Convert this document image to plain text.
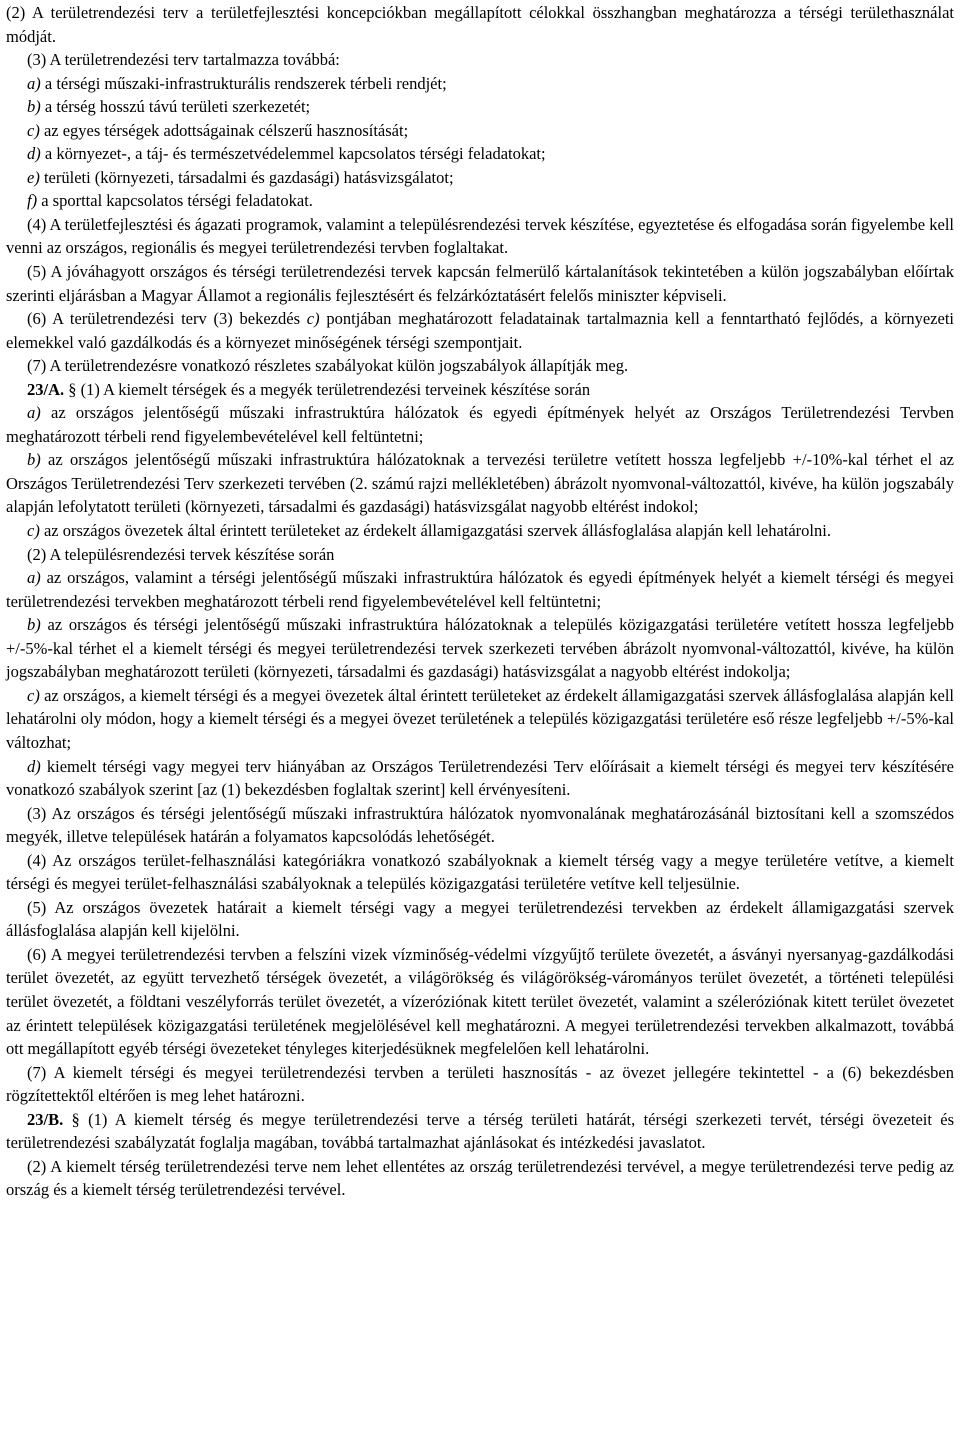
(2) A területrendezési terv a területfejlesztési koncepciókban megállapított célokkal összhangban meghatározza a térségi területhasználat módját.

(3) A területrendezési terv tartalmazza továbbá:

a) a térségi műszaki-infrastrukturális rendszerek térbeli rendjét;

b) a térség hosszú távú területi szerkezetét;

c) az egyes térségek adottságainak célszerű hasznosítását;

d) a környezet-, a táj- és természetvédelemmel kapcsolatos térségi feladatokat;

e) területi (környezeti, társadalmi és gazdasági) hatásvizsgálatot;

f) a sporttal kapcsolatos térségi feladatokat.

(4) A területfejlesztési és ágazati programok, valamint a településrendezési tervek készítése, egyeztetése és elfogadása során figyelembe kell venni az országos, regionális és megyei területrendezési tervben foglaltakat.

(5) A jóváhagyott országos és térségi területrendezési tervek kapcsán felmerülő kártalanítások tekintetében a külön jogszabályban előírtak szerinti eljárásban a Magyar Államot a regionális fejlesztésért és felzárkóztatásért felelős miniszter képviseli.

(6) A területrendezési terv (3) bekezdés c) pontjában meghatározott feladatainak tartalmaznia kell a fenntartható fejlődés, a környezeti elemekkel való gazdálkodás és a környezet minőségének térségi szempontjait.

(7) A területrendezésre vonatkozó részletes szabályokat külön jogszabályok állapítják meg.

23/A. § (1) A kiemelt térségek és a megyék területrendezési terveinek készítése során

a) az országos jelentőségű műszaki infrastruktúra hálózatok és egyedi építmények helyét az Országos Területrendezési Tervben meghatározott térbeli rend figyelembevételével kell feltüntetni;

b) az országos jelentőségű műszaki infrastruktúra hálózatoknak a tervezési területre vetített hossza legfeljebb +/-10%-kal térhet el az Országos Területrendezési Terv szerkezeti tervében (2. számú rajzi mellékletében) ábrázolt nyomvonal-változattól, kivéve, ha külön jogszabály alapján lefolytatott területi (környezeti, társadalmi és gazdasági) hatásvizsgálat nagyobb eltérést indokol;

c) az országos övezetek által érintett területeket az érdekelt államigazgatási szervek állásfoglalása alapján kell lehatárolni.

(2) A településrendezési tervek készítése során

a) az országos, valamint a térségi jelentőségű műszaki infrastruktúra hálózatok és egyedi építmények helyét a kiemelt térségi és megyei területrendezési tervekben meghatározott térbeli rend figyelembevételével kell feltüntetni;

b) az országos és térségi jelentőségű műszaki infrastruktúra hálózatoknak a település közigazgatási területére vetített hossza legfeljebb +/-5%-kal térhet el a kiemelt térségi és megyei területrendezési tervek szerkezeti tervében ábrázolt nyomvonal-változattól, kivéve, ha külön jogszabályban meghatározott területi (környezeti, társadalmi és gazdasági) hatásvizsgálat a nagyobb eltérést indokolja;

c) az országos, a kiemelt térségi és a megyei övezetek által érintett területeket az érdekelt államigazgatási szervek állásfoglalása alapján kell lehatárolni oly módon, hogy a kiemelt térségi és a megyei övezet területének a település közigazgatási területére eső része legfeljebb +/-5%-kal változhat;

d) kiemelt térségi vagy megyei terv hiányában az Országos Területrendezési Terv előírásait a kiemelt térségi és megyei terv készítésére vonatkozó szabályok szerint [az (1) bekezdésben foglaltak szerint] kell érvényesíteni.

(3) Az országos és térségi jelentőségű műszaki infrastruktúra hálózatok nyomvonalának meghatározásánál biztosítani kell a szomszédos megyék, illetve települések határán a folyamatos kapcsolódás lehetőségét.

(4) Az országos terület-felhasználási kategóriákra vonatkozó szabályoknak a kiemelt térség vagy a megye területére vetítve, a kiemelt térségi és megyei terület-felhasználási szabályoknak a település közigazgatási területére vetítve kell teljesülnie.

(5) Az országos övezetek határait a kiemelt térségi vagy a megyei területrendezési tervekben az érdekelt államigazgatási szervek állásfoglalása alapján kell kijelölni.

(6) A megyei területrendezési tervben a felszíni vizek vízminőség-védelmi vízgyűjtő területe övezetét, a ásványi nyersanyag-gazdálkodási terület övezetét, az együtt tervezhető térségek övezetét, a világörökség és világörökség-várományos terület övezetét, a történeti települési terület övezetét, a földtani veszélyforrás terület övezetét, a vízeróziónak kitett terület övezetét, valamint a széleróziónak kitett terület övezetet az érintett települések közigazgatási területének megjelölésével kell meghatározni. A megyei területrendezési tervekben alkalmazott, továbbá ott megállapított egyéb térségi övezeteket tényleges kiterjedésüknek megfelelően kell lehatárolni.

(7) A kiemelt térségi és megyei területrendezési tervben a területi hasznosítás - az övezet jellegére tekintettel - a (6) bekezdésben rögzítettektől eltérően is meg lehet határozni.

23/B. § (1) A kiemelt térség és megye területrendezési terve a térség területi határát, térségi szerkezeti tervét, térségi övezeteit és területrendezési szabályzatát foglalja magában, továbbá tartalmazhat ajánlásokat és intézkedési javaslatot.

(2) A kiemelt térség területrendezési terve nem lehet ellentétes az ország területrendezési tervével, a megye területrendezési terve pedig az ország és a kiemelt térség területrendezési tervével.
